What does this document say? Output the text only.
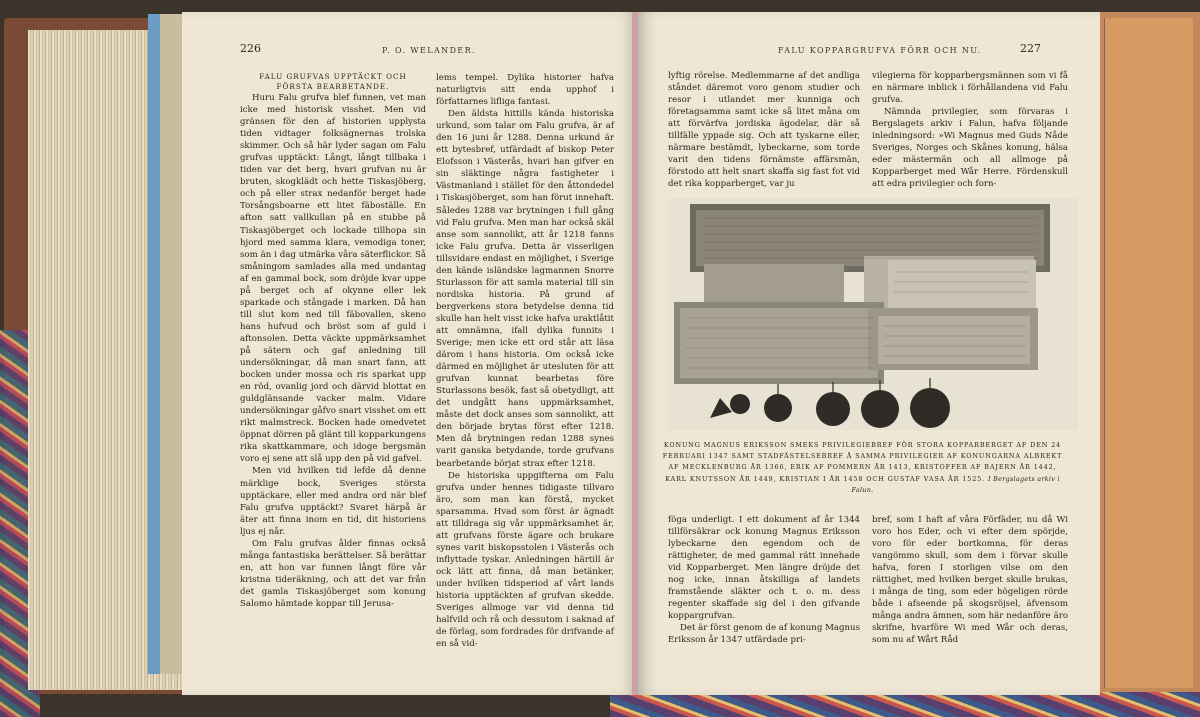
226	P. O. WELANDER.

FALU GRUFVAS UPPTÄCKT OCH FÖRSTA BEARBETANDE.

Huru Falu grufva blef funnen, vet man icke med historisk visshet. Men vid gränsen för den af historien upplysta tiden vidtager folksägnernas trolska skimmer. Och så här lyder sagan om Falu grufvas upptäckt: Långt, långt tillbaka i tiden var det berg, hvari grufvan nu är bruten, skogklädt och hette Tiskasjöberg, och på eller strax nedanför berget hade Torsångsboarne ett litet fäboställe. En afton satt vallkullan på en stubbe på Tiskasjöberget och lockade tillhopa sin hjord med samma klara, vemodiga toner, som än i dag utmärka våra säterflickor. Så småningom samlades alla med undantag af en gammal bock, som dröjde kvar uppe på berget och af okynne eller lek sparkade och stångade i marken. Då han till slut kom ned till fäbovallen, skeno hans hufvud och bröst som af guld i aftonsolen. Detta väckte uppmärksamhet på sätern och gaf anledning till undersökningar, då man snart fann, att bocken under mossa och ris sparkat upp en röd, ovanlig jord och därvid blottat en guldglänsande vacker malm. Vidare undersökningar gåfvo snart visshet om ett rikt malmstreck. Bocken hade omedvetet öppnat dörren på glänt till kopparkungens rika skattkammare, och idoge bergsmän voro ej sene att slå upp den på vid gafvel.

Men vid hvilken tid lefde då denne märklige bock, Sveriges största upptäckare, eller med andra ord när blef Falu grufva upptäckt? Svaret härpå är äter att finna inom en tid, dit historiens ljus ej når.

Om Falu grufvas ålder finnas också många fantastiska berättelser. Så berättar en, att hon var funnen långt före vår kristna tideräkning, och att det var från det gamla Tiskasjöberget som konung Salomo hämtade koppar till Jerusa-

lems tempel. Dylika historier hafva naturligtvis sitt enda upphof i författarnes lifliga fantasi.

Den äldsta hittills kända historiska urkund, som talar om Falu grufva, är af den 16 juni år 1288. Denna urkund är ett bytesbref, utfärdadt af biskop Peter Elofsson i Västerås, hvari han gifver en sin släktinge några fastigheter i Västmanland i stället för den åttondedel i Tiskasjöberget, som han förut innehaft. Således 1288 var brytningen i full gång vid Falu grufva. Men man har också skäl anse som sannolikt, att år 1218 fanns icke Falu grufva. Detta är visserligen tillsvidare endast en möjlighet, i Sverige den kände isländske lagmannen Snorre Sturlasson för att samla material till sin nordiska historia. På grund af bergverkens stora betydelse denna tid skulle han helt visst icke hafva uraktlåtit att omnämna, ifall dylika funnits i Sverige; men icke ett ord står att läsa därom i hans historia. Om också icke därmed en möjlighet är utesluten för att grufvan kunnat bearbetas före Sturlassons besök, fast så obetydligt, att det undgått hans uppmärksamhet, måste det dock anses som sannolikt, att den började brytas först efter 1218. Men då brytningen redan 1288 synes varit ganska betydande, torde grufvans bearbetande börjat strax efter 1218.

De historiska uppgifterna om Falu grufva under hennes tidigaste tillvaro äro, som man kan förstå, mycket sparsamma. Hvad som först är ägnadt att tilldraga sig vår uppmärksamhet är, att grufvans förste ägare och brukare synes varit biskopsstolen i Västerås och inflyttade tyskar. Anledningen härtill är ock lätt att finna, då man betänker, under hvilken tidsperiod af vårt lands historia upptäckten af grufvan skedde. Sveriges allmoge var vid denna tid halfvild och rå och dessutom i saknad af de förlag, som fordrades för drifvande af en så vid-

FALU KOPPARGRUFVA FÖRR OCH NU.	227

lyftig rörelse. Medlemmarne af det andliga ståndet däremot voro genom studier och resor i utlandet mer kunniga och företagsamma samt icke så litet måna om att förvärfva jordiska ägodelar, där så tillfälle yppade sig. Och att tyskarne eller, närmare bestämdt, lybeckarne, som torde varit den tidens förnämste affärsmän, förstodo att helt snart skaffa sig fast fot vid det rika kopparberget, var ju

vilegierna för kopparbergsmännen som vi få en närmare inblick i förhållandena vid Falu grufva.

Nämnda privilegier, som förvaras i Bergslagets arkiv i Falun, hafva följande inledningsord: »Wi Magnus med Guds Nåde Sveriges, Norges och Skånes konung, hälsa eder mästermän och all allmoge på Kopparberget med Wår Herre. Fördenskull att edra privilegier och forn-

föga underligt. I ett dokument af år 1344 tillförsäkrar ock konung Magnus Eriksson lybeckarne den egendom och de rättigheter, de med gammal rätt innehade vid Kopparberget. Men längre dröjde det nog icke, innan åtskilliga af landets framstående släkter och t. o. m. dess regenter skaffade sig del i den gifvande koppargrufvan.

Det är först genom de af konung Magnus Eriksson år 1347 utfärdade pri-

bref, som I haft af våra Förfäder, nu då Wi voro hos Eder, och vi efter dem spörjde, voro för eder bortkomna, för deras vangömmo skull, som dem i förvar skulle hafva, foren I storligen vilse om den rättighet, med hvilken berget skulle brukas, i många de ting, som eder högeligen rörde både i afseende på skogsröjsel, äfvensom många andra ämnen, som här nedanföre äro skrifne, hvarföre Wi med Wår och deras, som nu af Wårt Råd

KONUNG MAGNUS ERIKSSON SMEKS PRIVILEGIEBREF FÖR STORA KOPPARBERGET AF DEN 24 FEBRUARI 1347 SAMT STADFÄSTELSEBREF Å SAMMA PRIVILEGIER AF KONUNGARNA ALBREKT AF MECKLENBURG ÅR 1366, ERIK AF POMMERN ÅR 1413, KRISTOFFER AF BAJERN ÅR 1442, KARL KNUTSSON ÅR 1449, KRISTIAN I ÅR 1458 OCH GUSTAF VASA ÅR 1525. I Bergslagets arkiv i Falun.
